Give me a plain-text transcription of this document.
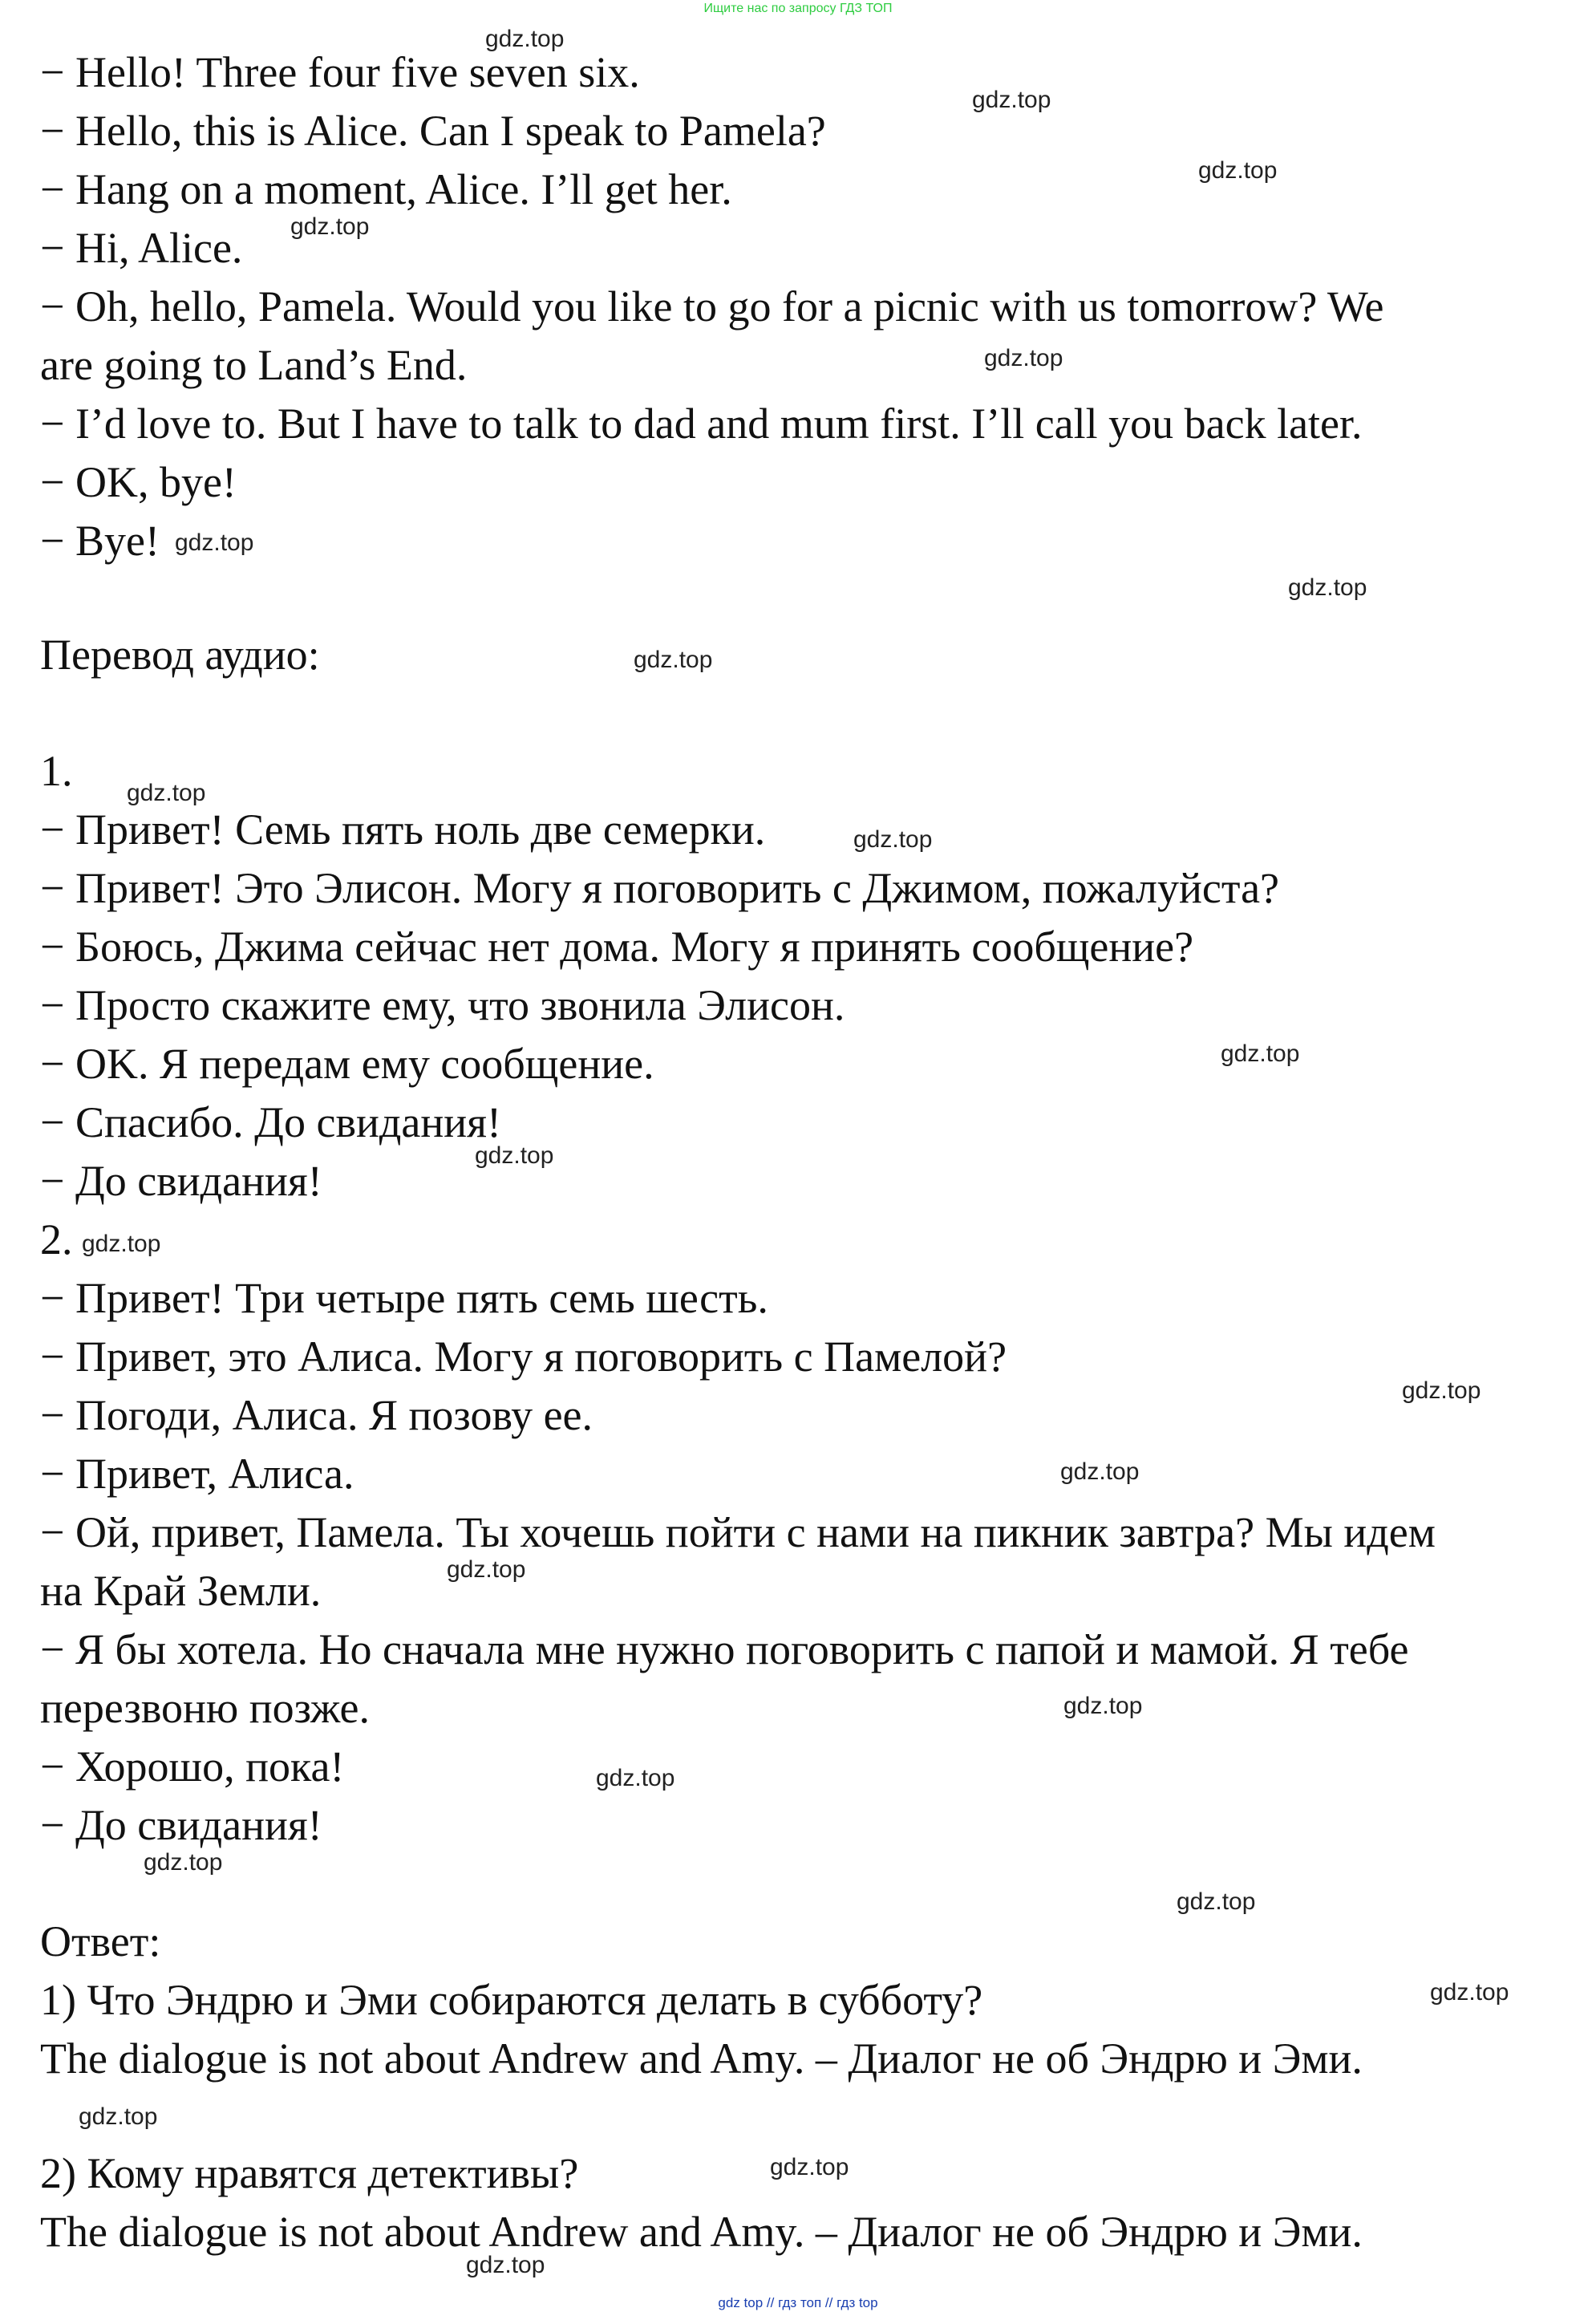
Ищите нас по запросу ГДЗ ТОП
− Hello! Three four five seven six.
− Hello, this is Alice. Can I speak to Pamela?
− Hang on a moment, Alice. I’ll get her.
− Hi, Alice.
− Oh, hello, Pamela. Would you like to go for a picnic with us tomorrow? We
are going to Land’s End.
− I’d love to. But I have to talk to dad and mum first. I’ll call you back later.
− OK, bye!
− Bye!
Перевод аудио:
1.
− Привет! Семь пять ноль две семерки.
− Привет! Это Элисон. Могу я поговорить с Джимом, пожалуйста?
− Боюсь, Джима сейчас нет дома. Могу я принять сообщение?
− Просто скажите ему, что звонила Элисон.
− OK. Я передам ему сообщение.
− Спасибо. До свидания!
− До свидания!
2.
− Привет! Три четыре пять семь шесть.
− Привет, это Алиса. Могу я поговорить с Памелой?
− Погоди, Алиса. Я позову ее.
− Привет, Алиса.
− Ой, привет, Памела. Ты хочешь пойти с нами на пикник завтра? Мы идем
на Край Земли.
− Я бы хотела. Но сначала мне нужно поговорить с папой и мамой. Я тебе
перезвоню позже.
− Хорошо, пока!
− До свидания!
Ответ:
1) Что Эндрю и Эми собираются делать в субботу?
The dialogue is not about Andrew and Amy. – Диалог не об Эндрю и Эми.
2) Кому нравятся детективы?
The dialogue is not about Andrew and Amy. – Диалог не об Эндрю и Эми.
gdz.top
gdz.top
gdz.top
gdz.top
gdz.top
gdz.top
gdz.top
gdz.top
gdz.top
gdz.top
gdz.top
gdz.top
gdz.top
gdz.top
gdz.top
gdz.top
gdz.top
gdz.top
gdz.top
gdz.top
gdz.top
gdz.top
gdz.top
gdz.top
gdz top // гдз топ // гдз top
